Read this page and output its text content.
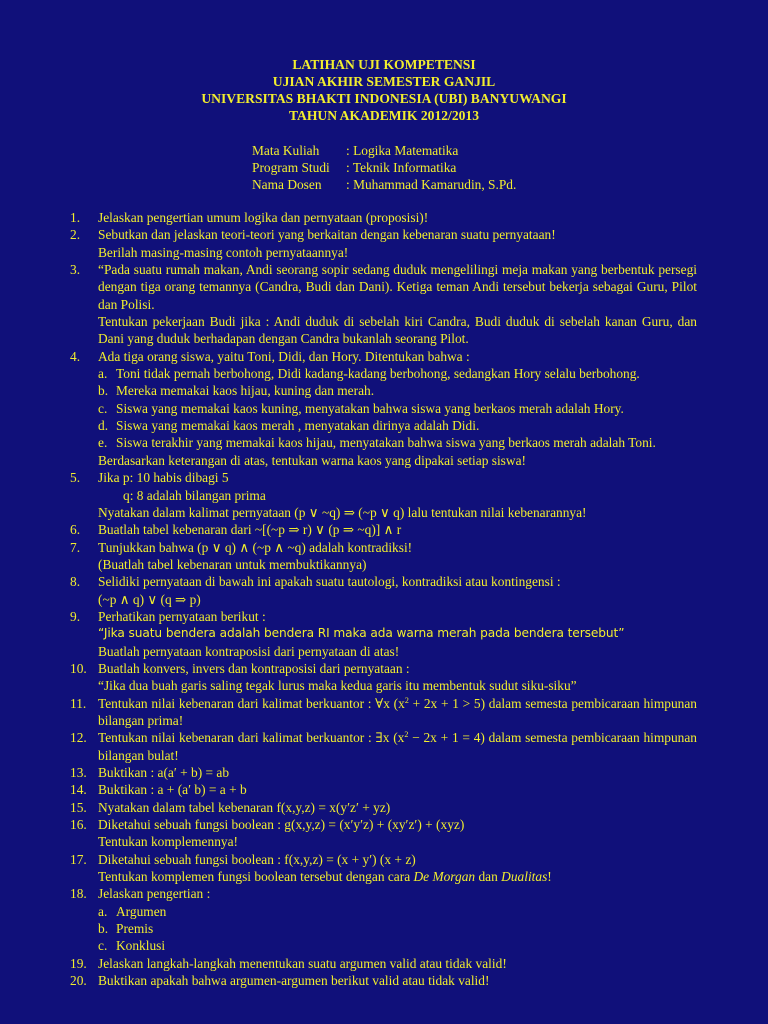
LATIHAN UJI KOMPETENSI
UJIAN AKHIR SEMESTER GANJIL
UNIVERSITAS BHAKTI INDONESIA (UBI) BANYUWANGI
TAHUN AKADEMIK 2012/2013
Mata Kuliah	: Logika Matematika
Program Studi	: Teknik Informatika
Nama Dosen	: Muhammad Kamarudin, S.Pd.
1.	Jelaskan pengertian umum logika dan pernyataan (proposisi)!
2.	Sebutkan dan jelaskan teori-teori yang berkaitan dengan kebenaran suatu pernyataan!
Berilah masing-masing contoh pernyataannya!
3.	“Pada suatu rumah makan, Andi seorang sopir sedang duduk mengelilingi meja makan yang berbentuk persegi dengan tiga orang temannya (Candra, Budi dan Dani). Ketiga teman Andi tersebut bekerja sebagai Guru, Pilot dan Polisi.
Tentukan pekerjaan Budi jika : Andi duduk di sebelah kiri Candra, Budi duduk di sebelah kanan Guru, dan Dani yang duduk berhadapan dengan Candra bukanlah seorang Pilot.
4.	Ada tiga orang siswa, yaitu Toni, Didi, dan Hory. Ditentukan bahwa :
a. Toni tidak pernah berbohong, Didi kadang-kadang berbohong, sedangkan Hory selalu berbohong.
b. Mereka memakai kaos hijau, kuning dan merah.
c. Siswa yang memakai kaos kuning, menyatakan bahwa siswa yang berkaos merah adalah Hory.
d. Siswa yang memakai kaos merah , menyatakan dirinya adalah Didi.
e. Siswa terakhir yang memakai kaos hijau, menyatakan bahwa siswa yang berkaos merah adalah Toni.
Berdasarkan keterangan di atas, tentukan warna kaos yang dipakai setiap siswa!
5.	Jika p: 10 habis dibagi 5
q: 8 adalah bilangan prima
Nyatakan dalam kalimat pernyataan (p ∨ ~q) ⇒ (~p ∨ q) lalu tentukan nilai kebenarannya!
6.	Buatlah tabel kebenaran dari ~[(~p ⇒ r) ∨ (p ⇒ ~q)] ∧ r
7.	Tunjukkan bahwa (p ∨ q) ∧ (~p ∧ ~q) adalah kontradiksi!
(Buatlah tabel kebenaran untuk membuktikannya)
8.	Selidiki pernyataan di bawah ini apakah suatu tautologi, kontradiksi atau kontingensi :
(~p ∧ q) ∨ (q ⇒ p)
9.	Perhatikan pernyataan berikut :
“Jika suatu bendera adalah bendera RI maka ada warna merah pada bendera tersebut”
Buatlah pernyataan kontraposisi dari pernyataan di atas!
10. Buatlah konvers, invers dan kontraposisi dari pernyataan :
“Jika dua buah garis saling tegak lurus maka kedua garis itu membentuk sudut siku-siku”
11. Tentukan nilai kebenaran dari kalimat berkuantor : ∀x $(x^2 + 2x + 1 > 5)$ dalam semesta pembicaraan himpunan bilangan prima!
12. Tentukan nilai kebenaran dari kalimat berkuantor : ∃x $(x^2 - 2x + 1 = 4)$ dalam semesta pembicaraan himpunan bilangan bulat!
13. Buktikan : a(a′ + b) = ab
14. Buktikan : a + (a′ b) = a + b
15. Nyatakan dalam tabel kebenaran f(x,y,z) = x(y′z′ + yz)
16. Diketahui sebuah fungsi boolean : g(x,y,z) = (x′y′z) + (xy′z′) + (xyz)
Tentukan komplemennya!
17. Diketahui sebuah fungsi boolean : f(x,y,z) = (x + y′) (x + z)
Tentukan komplemen fungsi boolean tersebut dengan cara De Morgan dan Dualitas!
18. Jelaskan pengertian :
a. Argumen
b. Premis
c. Konklusi
19. Jelaskan langkah-langkah menentukan suatu argumen valid atau tidak valid!
20. Buktikan apakah bahwa argumen-argumen berikut valid atau tidak valid!
